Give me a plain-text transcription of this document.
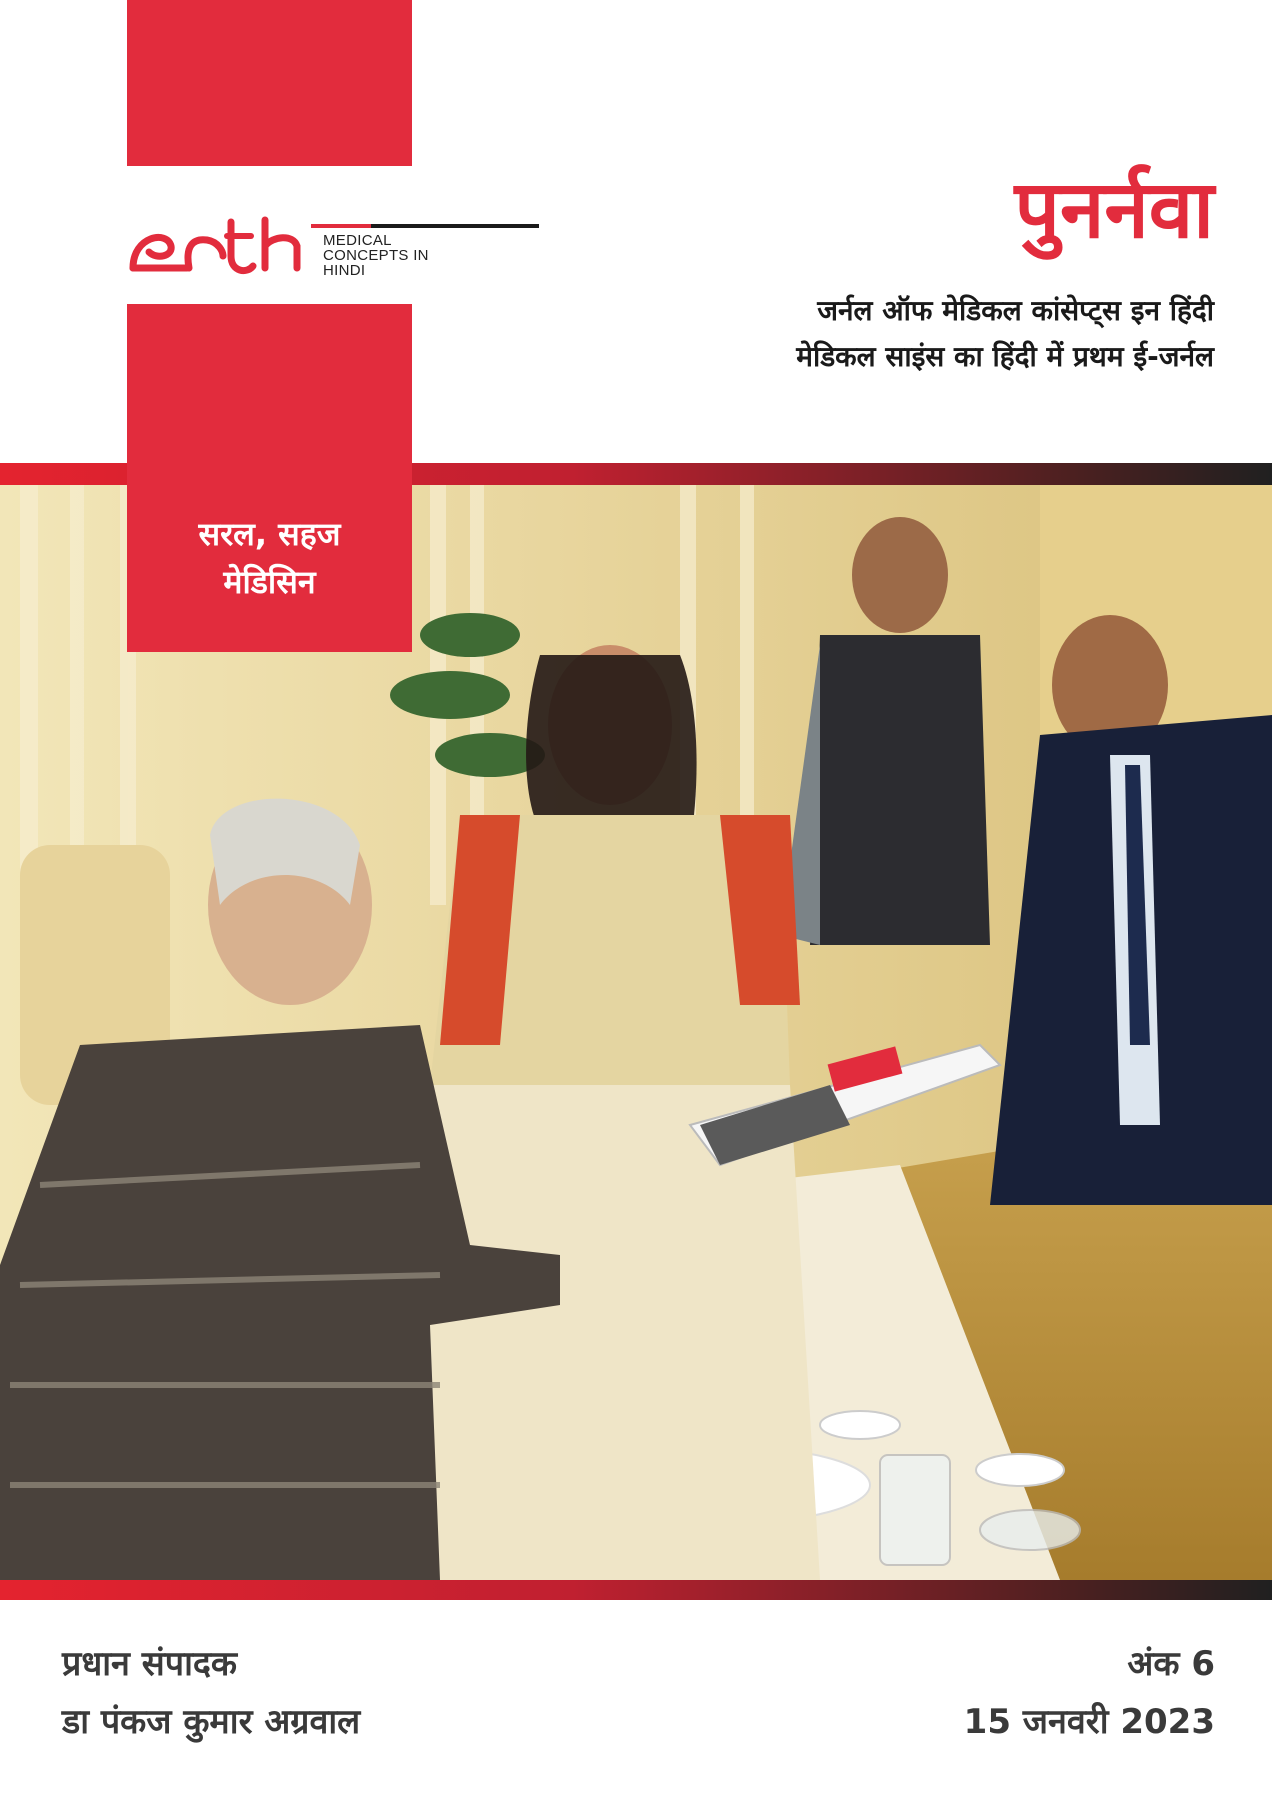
MEDICAL
CONCEPTS IN
HINDI
पुनर्नवा
जर्नल ऑफ मेडिकल कांसेप्ट्स इन हिंदी
मेडिकल साइंस का हिंदी में प्रथम ई-जर्नल
सरल, सहज
मेडिसिन
प्रधान संपादक
डा पंकज कुमार अग्रवाल
अंक 6
15 जनवरी 2023
